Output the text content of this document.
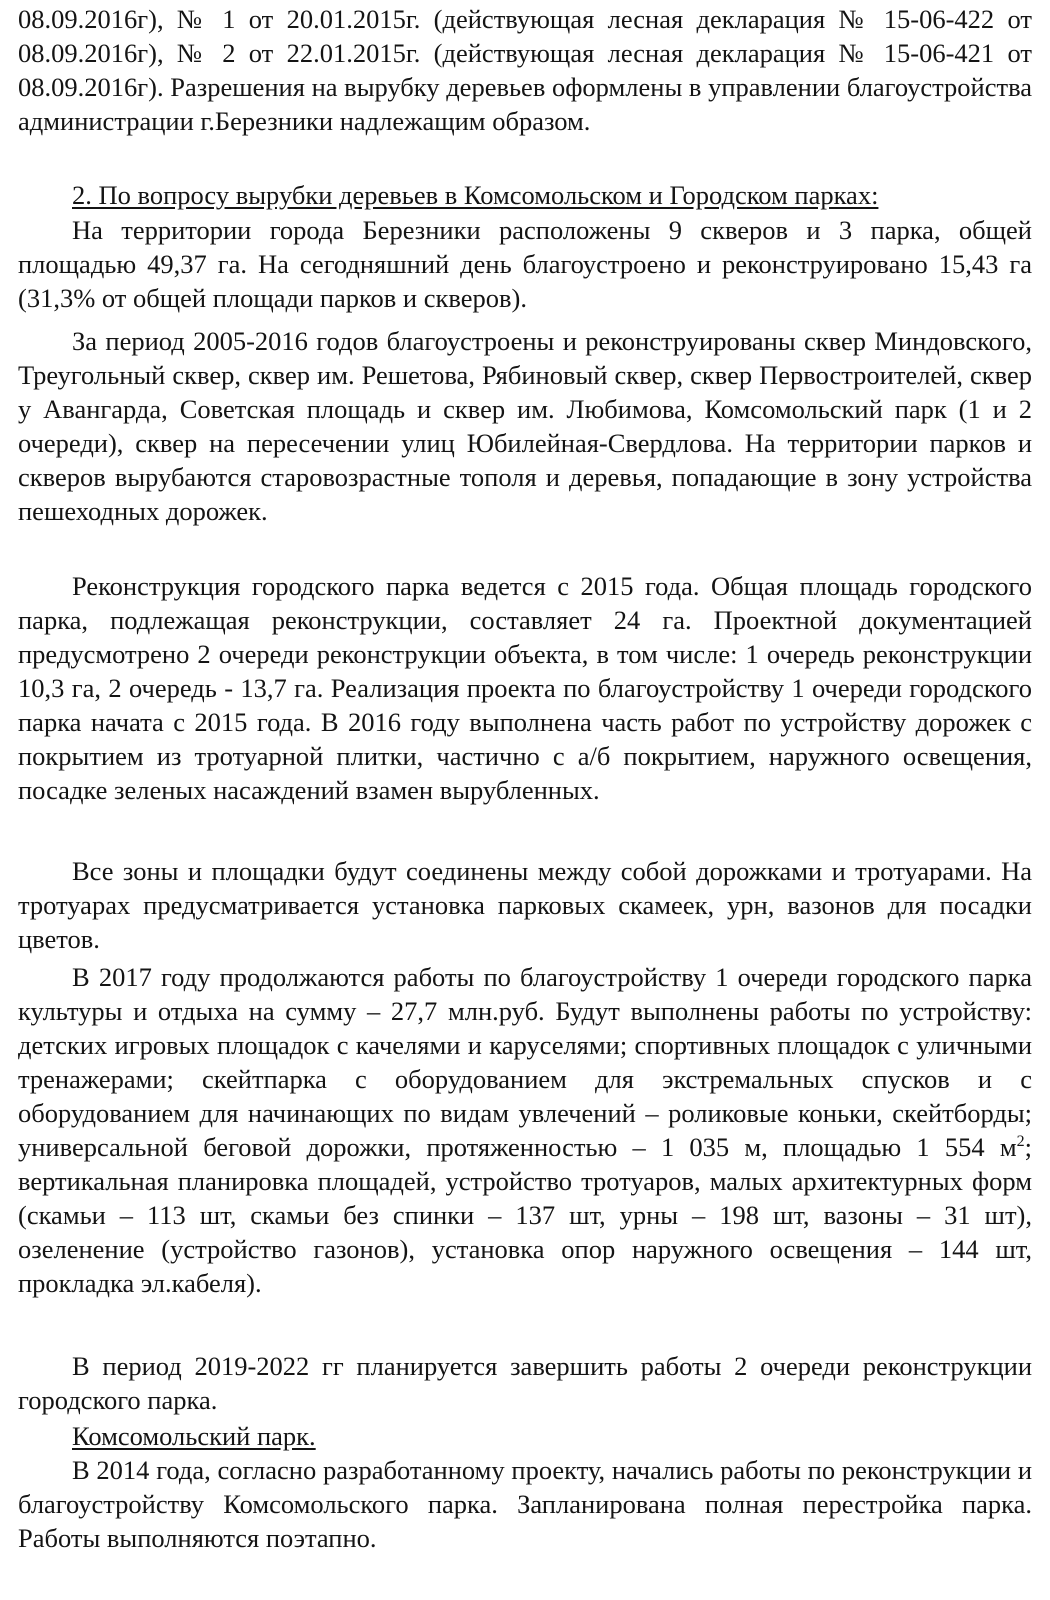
08.09.2016г), № 1 от 20.01.2015г. (действующая лесная декларация № 15-06-422 от 08.09.2016г), № 2 от 22.01.2015г. (действующая лесная декларация № 15-06-421 от 08.09.2016г). Разрешения на вырубку деревьев оформлены в управлении благоустройства администрации г.Березники надлежащим образом.

2. По вопросу вырубки деревьев в Комсомольском и Городском парках:

На территории города Березники расположены 9 скверов и 3 парка, общей площадью 49,37 га. На сегодняшний день благоустроено и реконструировано 15,43 га (31,3% от общей площади парков и скверов).

За период 2005-2016 годов благоустроены и реконструированы сквер Миндовского, Треугольный сквер, сквер им. Решетова, Рябиновый сквер, сквер Первостроителей, сквер у Авангарда, Советская площадь и сквер им. Любимова, Комсомольский парк (1 и 2 очереди), сквер на пересечении улиц Юбилейная-Свердлова. На территории парков и скверов вырубаются старовозрастные тополя и деревья, попадающие в зону устройства пешеходных дорожек.

Реконструкция городского парка ведется с 2015 года. Общая площадь городского парка, подлежащая реконструкции, составляет 24 га. Проектной документацией предусмотрено 2 очереди реконструкции объекта, в том числе: 1 очередь реконструкции 10,3 га, 2 очередь - 13,7 га. Реализация проекта по благоустройству 1 очереди городского парка начата с 2015 года. В 2016 году выполнена часть работ по устройству дорожек с покрытием из тротуарной плитки, частично с а/б покрытием, наружного освещения, посадке зеленых насаждений взамен вырубленных.

Все зоны и площадки будут соединены между собой дорожками и тротуарами. На тротуарах предусматривается установка парковых скамеек, урн, вазонов для посадки цветов.

В 2017 году продолжаются работы по благоустройству 1 очереди городского парка культуры и отдыха на сумму – 27,7 млн.руб. Будут выполнены работы по устройству: детских игровых площадок с качелями и каруселями; спортивных площадок с уличными тренажерами; скейтпарка с оборудованием для экстремальных спусков и с оборудованием для начинающих по видам увлечений – роликовые коньки, скейтборды; универсальной беговой дорожки, протяженностью – 1 035 м, площадью 1 554 $м^2$; вертикальная планировка площадей, устройство тротуаров, малых архитектурных форм (скамьи – 113 шт, скамьи без спинки – 137 шт, урны – 198 шт, вазоны – 31 шт), озеленение (устройство газонов), установка опор наружного освещения – 144 шт, прокладка эл.кабеля).

В период 2019-2022 гг планируется завершить работы 2 очереди реконструкции городского парка.

Комсомольский парк.

В 2014 года, согласно разработанному проекту, начались работы по реконструкции и благоустройству Комсомольского парка. Запланирована полная перестройка парка. Работы выполняются поэтапно.
